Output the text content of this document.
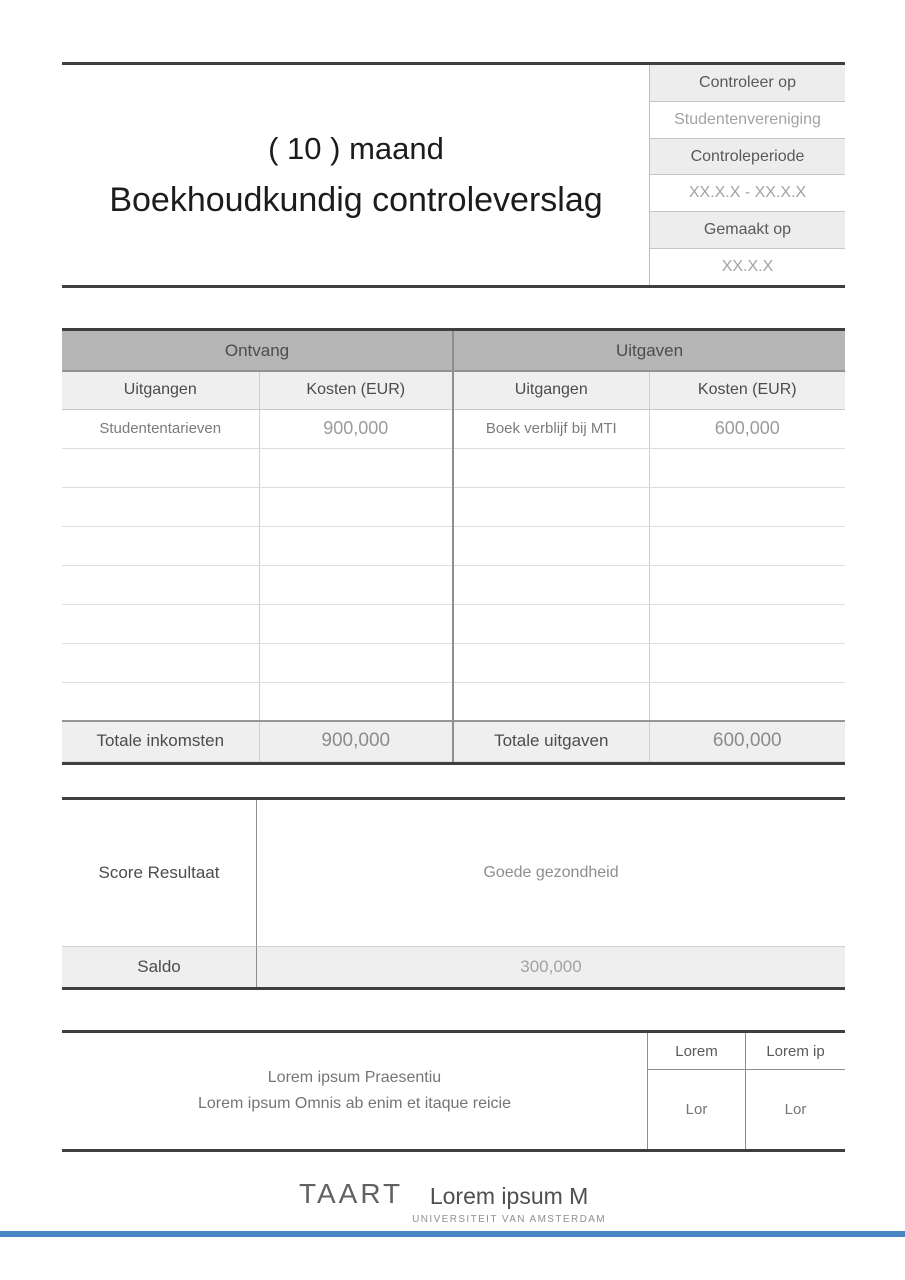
( 10 ) maand
Boekhoudkundig controleverslag
Controleer op
Studentenvereniging
Controleperiode
XX.X.X - XX.X.X
Gemaakt op
XX.X.X
Ontvang		Uitgaven	
Uitgangen	Kosten (EUR)	Uitgangen	Kosten (EUR)
Studententarieven	900,000	Boek verblijf bij MTI	600,000

Totale inkomsten	900,000	Totale uitgaven	600,000
Score Resultaat	Goede gezondheid
Saldo	300,000
Lorem ipsum Praesentiu
Lorem ipsum Omnis ab enim et itaque reicie
Lorem	Lorem ip
Lor	Lor
TAART Lorem ipsum M
UNIVERSITEIT VAN AMSTERDAM
